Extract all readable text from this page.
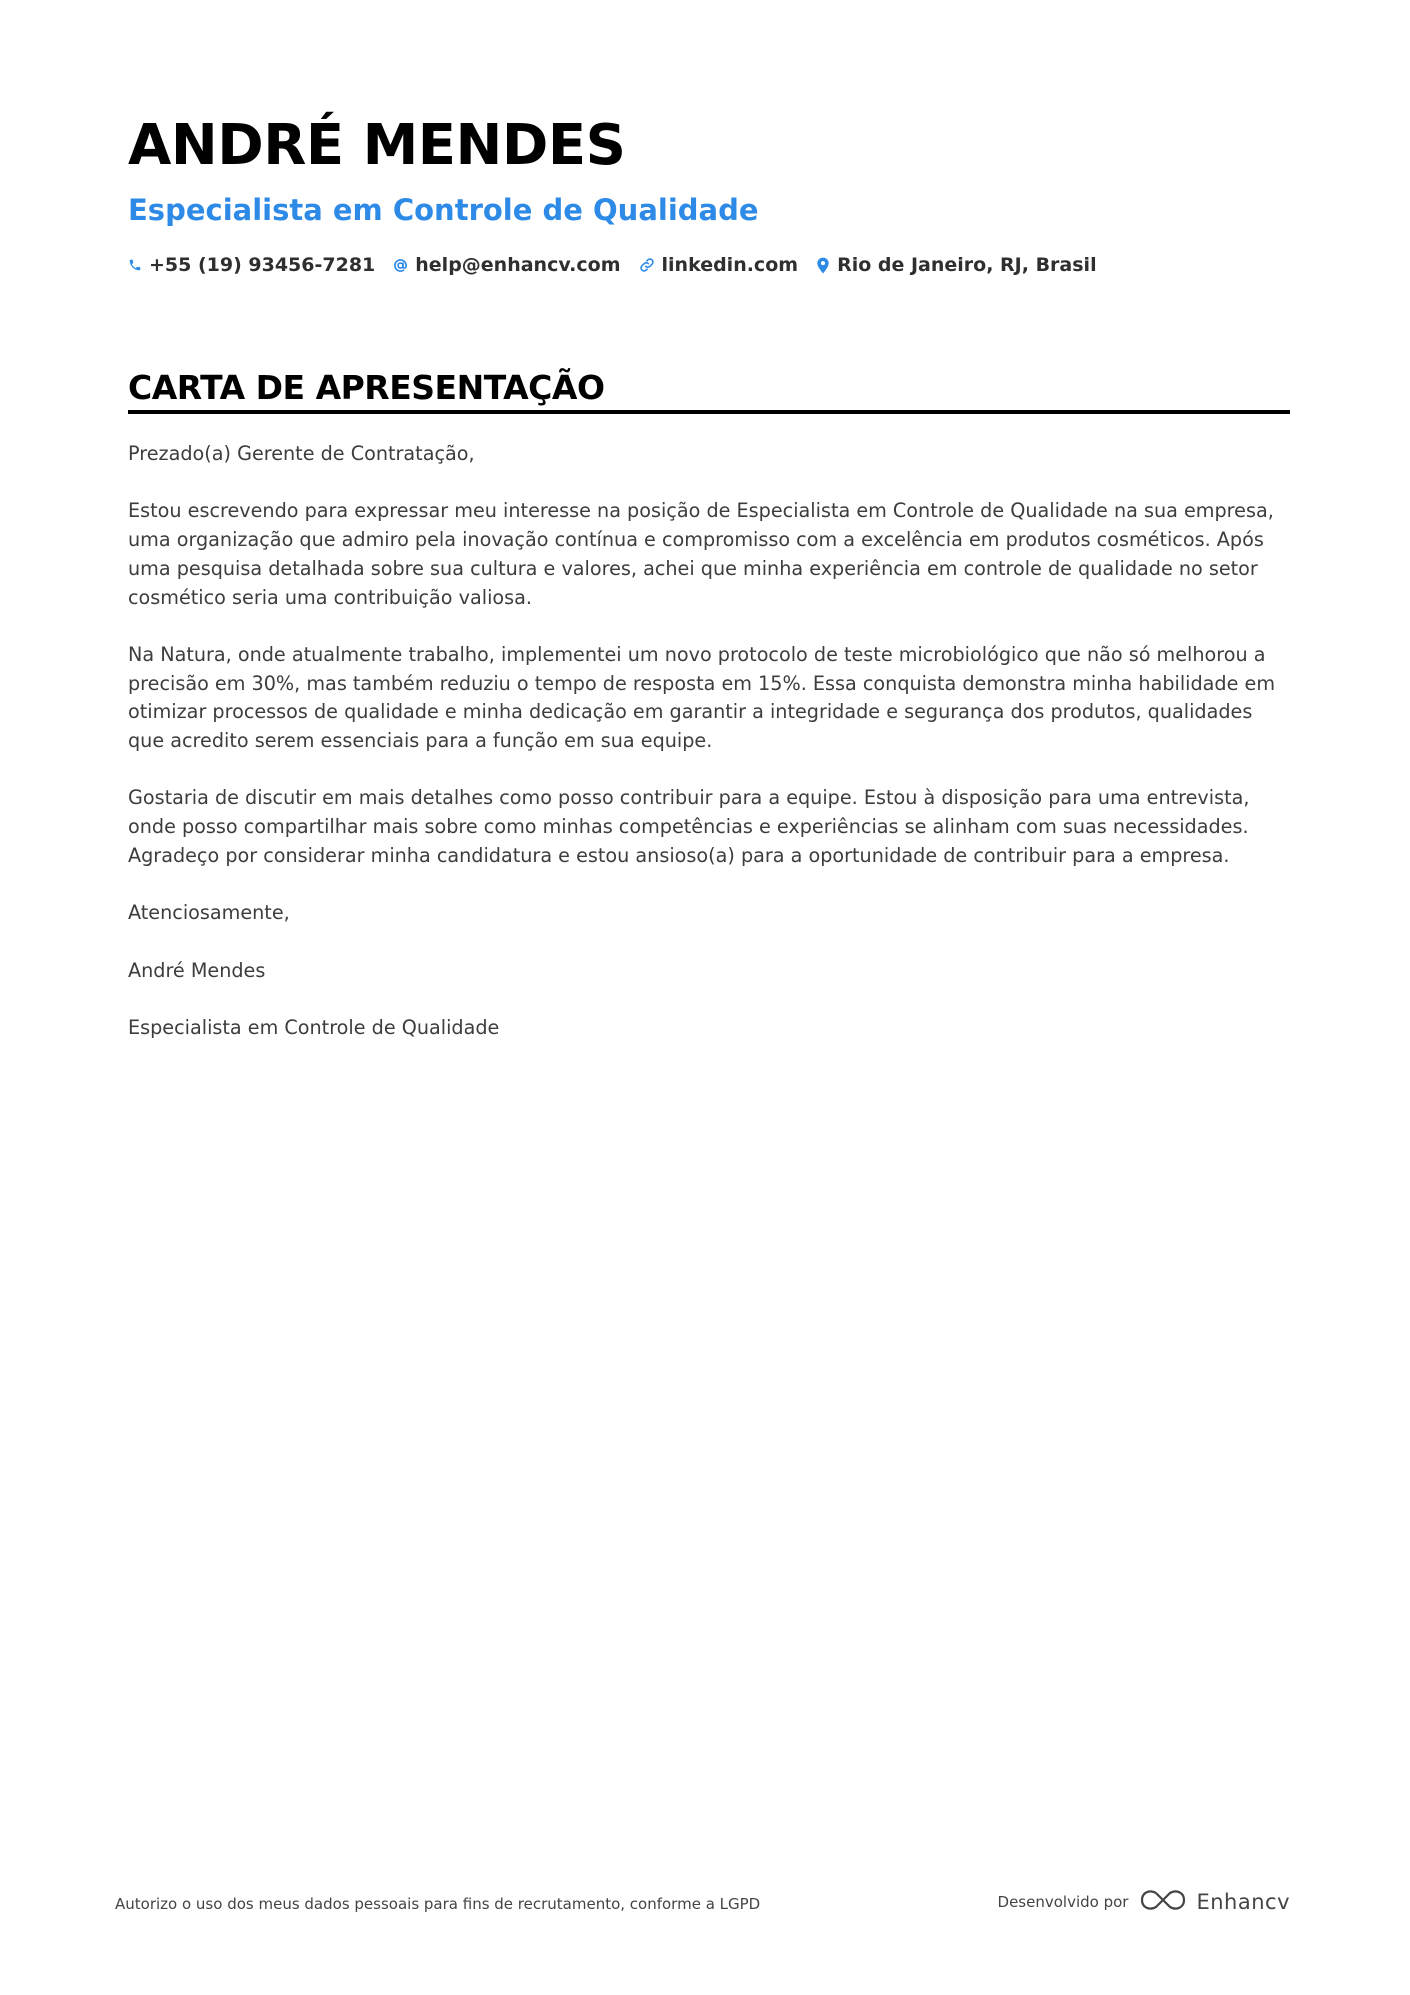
ANDRÉ MENDES
Especialista em Controle de Qualidade
+55 (19) 93456-7281 help@enhancv.com linkedin.com Rio de Janeiro, RJ, Brasil
CARTA DE APRESENTAÇÃO

Prezado(a) Gerente de Contratação,

Estou escrevendo para expressar meu interesse na posição de Especialista em Controle de Qualidade na sua empresa, uma organização que admiro pela inovação contínua e compromisso com a excelência em produtos cosméticos. Após uma pesquisa detalhada sobre sua cultura e valores, achei que minha experiência em controle de qualidade no setor cosmético seria uma contribuição valiosa.

Na Natura, onde atualmente trabalho, implementei um novo protocolo de teste microbiológico que não só melhorou a precisão em 30%, mas também reduziu o tempo de resposta em 15%. Essa conquista demonstra minha habilidade em otimizar processos de qualidade e minha dedicação em garantir a integridade e segurança dos produtos, qualidades que acredito serem essenciais para a função em sua equipe.

Gostaria de discutir em mais detalhes como posso contribuir para a equipe. Estou à disposição para uma entrevista, onde posso compartilhar mais sobre como minhas competências e experiências se alinham com suas necessidades. Agradeço por considerar minha candidatura e estou ansioso(a) para a oportunidade de contribuir para a empresa.

Atenciosamente,

André Mendes

Especialista em Controle de Qualidade

Autorizo o uso dos meus dados pessoais para fins de recrutamento, conforme a LGPD	Desenvolvido por	Enhancv
